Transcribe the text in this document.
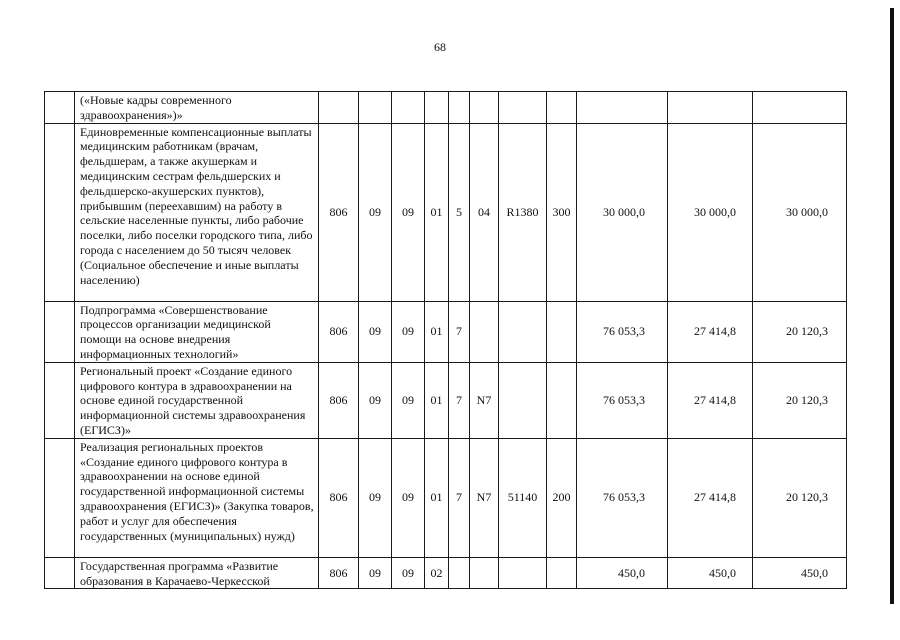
68
	(«Новые кадры современного здравоохранения»)»											
	Единовременные компенсационные выплаты медицинским работникам (врачам, фельдшерам, а также акушеркам и медицинским сестрам фельдшерских и фельдшерско-акушерских пунктов), прибывшим (переехавшим) на работу в сельские населенные пункты, либо рабочие поселки, либо поселки городского типа, либо города с населением до 50 тысяч человек (Социальное обеспечение и иные выплаты населению)	806	09	09	01	5	04	R1380	300	30 000,0	30 000,0	30 000,0
	Подпрограмма «Совершенствование процессов организации медицинской помощи на основе внедрения информационных технологий»	806	09	09	01	7				76 053,3	27 414,8	20 120,3
	Региональный проект «Создание единого цифрового контура в здравоохранении на основе единой государственной информационной системы здравоохранения (ЕГИСЗ)»	806	09	09	01	7	N7			76 053,3	27 414,8	20 120,3
	Реализация региональных проектов «Создание единого цифрового контура в здравоохранении на основе единой государственной информационной системы здравоохранения (ЕГИСЗ)» (Закупка товаров, работ и услуг для обеспечения государственных (муниципальных) нужд)	806	09	09	01	7	N7	51140	200	76 053,3	27 414,8	20 120,3
	Государственная программа «Развитие образования в Карачаево-Черкесской	806	09	09	02					450,0	450,0	450,0
